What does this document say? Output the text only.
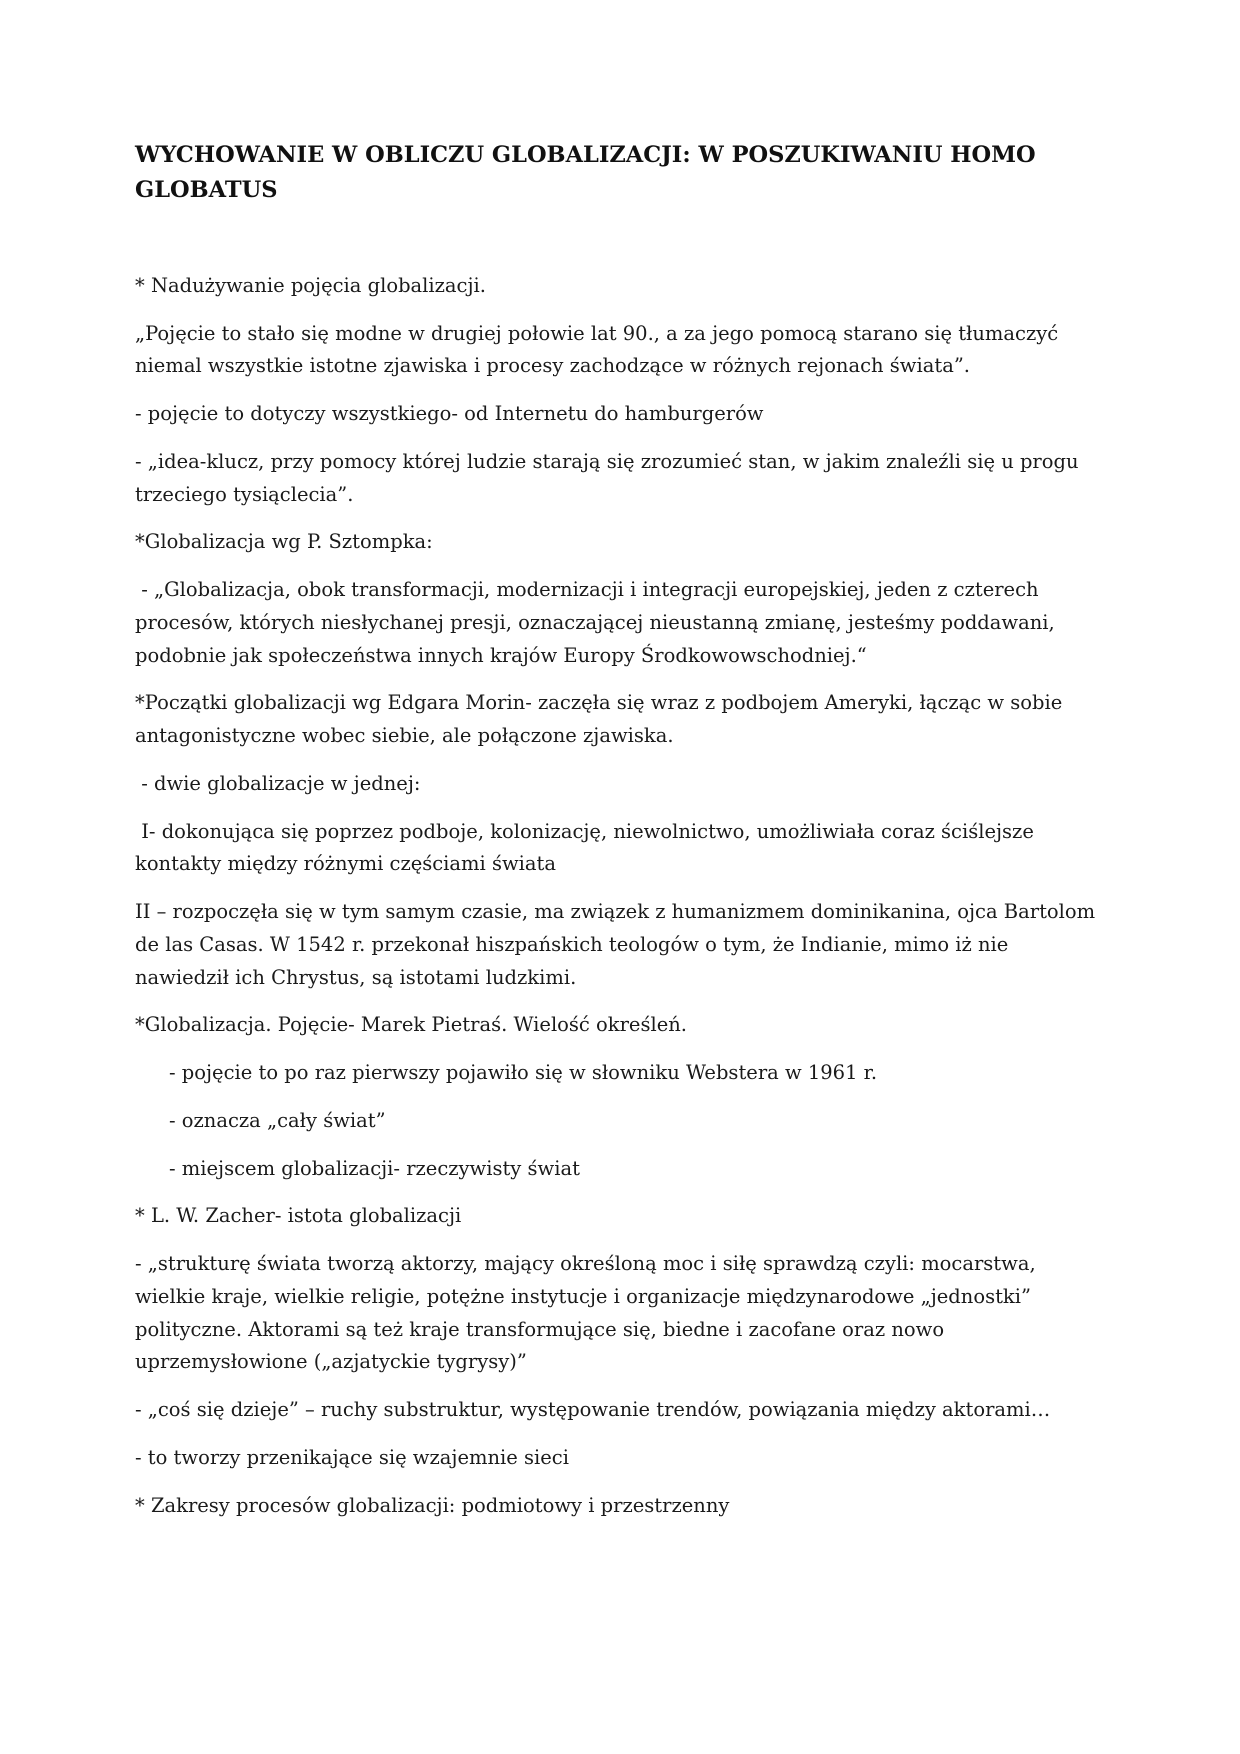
WYCHOWANIE W OBLICZU GLOBALIZACJI: W POSZUKIWANIU HOMO GLOBATUS

* Nadużywanie pojęcia globalizacji.

„Pojęcie to stało się modne w drugiej połowie lat 90., a za jego pomocą starano się tłumaczyć niemal wszystkie istotne zjawiska i procesy zachodzące w różnych rejonach świata”.

- pojęcie to dotyczy wszystkiego- od Internetu do hamburgerów

- „idea-klucz, przy pomocy której ludzie starają się zrozumieć stan, w jakim znaleźli się u progu trzeciego tysiąclecia”.

*Globalizacja wg P. Sztompka:

- „Globalizacja, obok transformacji, modernizacji i integracji europejskiej, jeden z czterech procesów, których niesłychanej presji, oznaczającej nieustanną zmianę, jesteśmy poddawani, podobnie jak społeczeństwa innych krajów Europy Środkowowschodniej.“

*Początki globalizacji wg Edgara Morin- zaczęła się wraz z podbojem Ameryki, łącząc w sobie antagonistyczne wobec siebie, ale połączone zjawiska.

- dwie globalizacje w jednej:

I- dokonująca się poprzez podboje, kolonizację, niewolnictwo, umożliwiała coraz ściślejsze kontakty między różnymi częściami świata

II – rozpoczęła się w tym samym czasie, ma związek z humanizmem dominikanina, ojca Bartolom de las Casas. W 1542 r. przekonał hiszpańskich teologów o tym, że Indianie, mimo iż nie nawiedził ich Chrystus, są istotami ludzkimi.

*Globalizacja. Pojęcie- Marek Pietraś. Wielość określeń.

- pojęcie to po raz pierwszy pojawiło się w słowniku Webstera w 1961 r.

- oznacza „cały świat”

- miejscem globalizacji- rzeczywisty świat

* L. W. Zacher- istota globalizacji

- „strukturę świata tworzą aktorzy, mający określoną moc i siłę sprawdzą czyli: mocarstwa, wielkie kraje, wielkie religie, potężne instytucje i organizacje międzynarodowe „jednostki” polityczne. Aktorami są też kraje transformujące się, biedne i zacofane oraz nowo uprzemysłowione („azjatyckie tygrysy)”

- „coś się dzieje” – ruchy substruktur, występowanie trendów, powiązania między aktorami…

- to tworzy przenikające się wzajemnie sieci

* Zakresy procesów globalizacji: podmiotowy i przestrzenny
